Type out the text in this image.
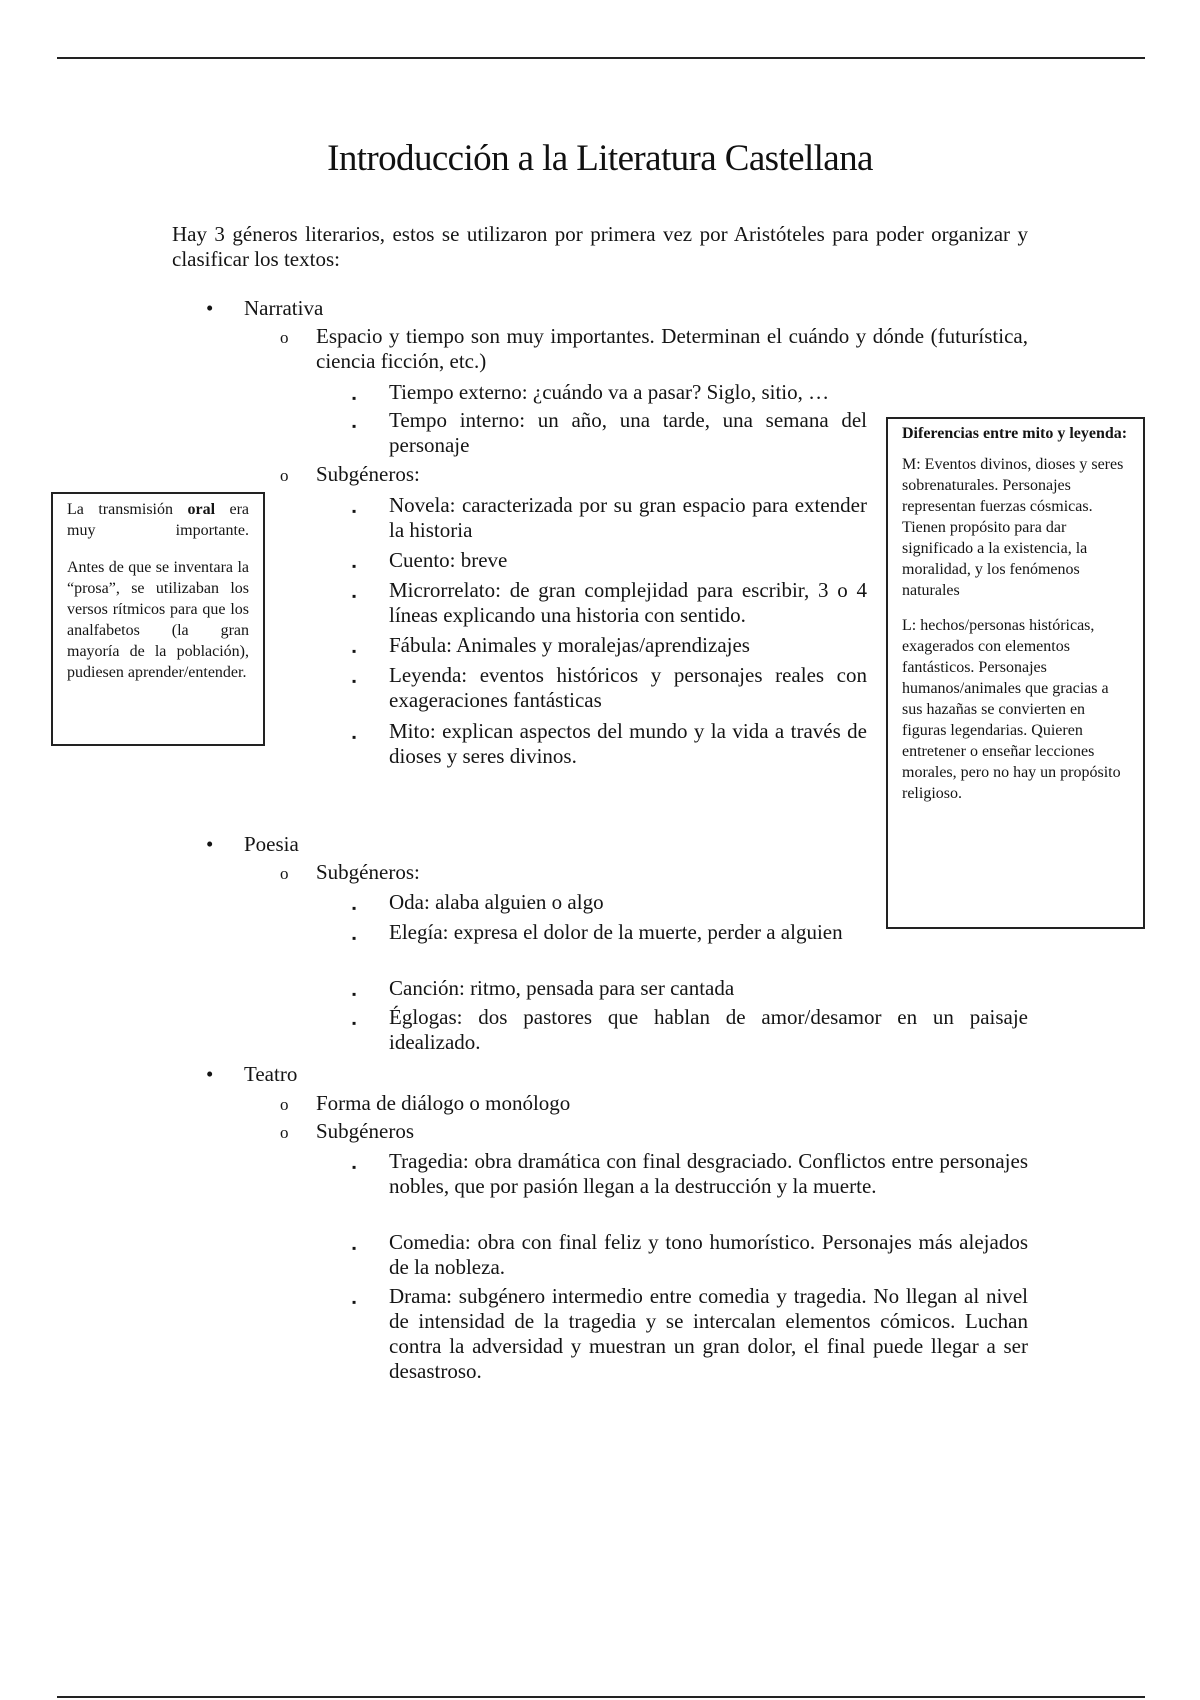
Introducción a la Literatura Castellana

Hay 3 géneros literarios, estos se utilizaron por primera vez por Aristóteles para poder organizar y clasificar los textos:

• Narrativa
o Espacio y tiempo son muy importantes. Determinan el cuándo y dónde (futurística, ciencia ficción, etc.)
▪ Tiempo externo: ¿cuándo va a pasar? Siglo, sitio, …
▪ Tempo interno: un año, una tarde, una semana del personaje
o Subgéneros:
▪ Novela: caracterizada por su gran espacio para extender la historia
▪ Cuento: breve
▪ Microrrelato: de gran complejidad para escribir, 3 o 4 líneas explicando una historia con sentido.
▪ Fábula: Animales y moralejas/aprendizajes
▪ Leyenda: eventos históricos y personajes reales con exageraciones fantásticas
▪ Mito: explican aspectos del mundo y la vida a través de dioses y seres divinos.
• Poesia
o Subgéneros:
▪ Oda: alaba alguien o algo
▪ Elegía: expresa el dolor de la muerte, perder a alguien
▪ Canción: ritmo, pensada para ser cantada
▪ Églogas: dos pastores que hablan de amor/desamor en un paisaje idealizado.
• Teatro
o Forma de diálogo o monólogo
o Subgéneros
▪ Tragedia: obra dramática con final desgraciado. Conflictos entre personajes nobles, que por pasión llegan a la destrucción y la muerte.
▪ Comedia: obra con final feliz y tono humorístico. Personajes más alejados de la nobleza.
▪ Drama: subgénero intermedio entre comedia y tragedia. No llegan al nivel de intensidad de la tragedia y se intercalan elementos cómicos. Luchan contra la adversidad y muestran un gran dolor, el final puede llegar a ser desastroso.

La transmisión oral era muy importante.

Antes de que se inventara la “prosa”, se utilizaban los versos rítmicos para que los analfabetos (la gran mayoría de la población), pudiesen aprender/entender.

Diferencias entre mito y leyenda:

M: Eventos divinos, dioses y seres sobrenaturales. Personajes representan fuerzas cósmicas. Tienen propósito para dar significado a la existencia, la moralidad, y los fenómenos naturales

L: hechos/personas históricas, exagerados con elementos fantásticos. Personajes humanos/animales que gracias a sus hazañas se convierten en figuras legendarias. Quieren entretener o enseñar lecciones morales, pero no hay un propósito religioso.
